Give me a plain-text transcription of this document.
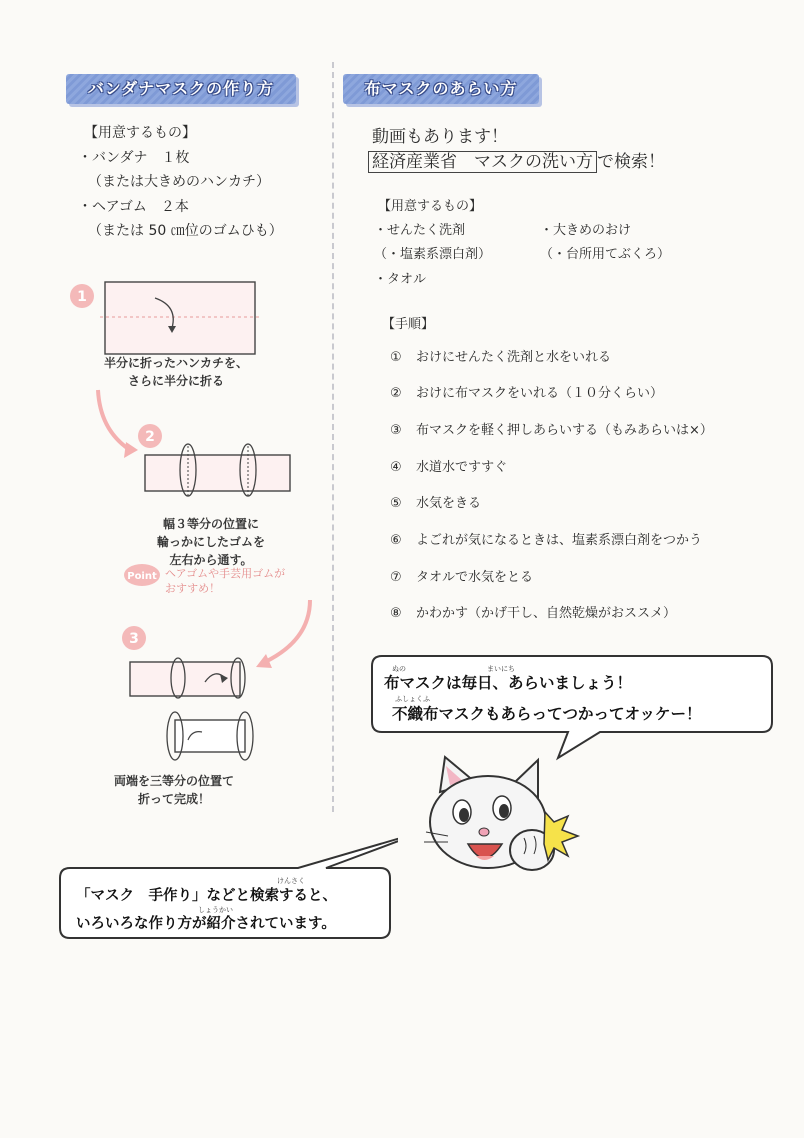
バンダナマスクの作り方
【用意するもの】
・バンダナ　１枚
（または大きめのハンカチ）
・ヘアゴム　２本
（または 50 ㎝位のゴムひも）
1
2
Point
3
半分に折ったハンカチを、
さらに半分に折る
幅３等分の位置に
輪っかにしたゴムを
左右から通す。
ヘアゴムや手芸用ゴムが
おすすめ！
両端を三等分の位置て
折って完成！
布マスクのあらい方
動画もあります！
経済産業省　マスクの洗い方 で検索！
【用意するもの】
・せんたく洗剤
（・塩素系漂白剤）
・タオル
・大きめのおけ
（・台所用てぶくろ）
【手順】
① おけにせんたく洗剤と水をいれる
② おけに布マスクをいれる（１０分くらい）
③ 布マスクを軽く押しあらいする（もみあらいは×）
④ 水道水ですすぐ
⑤ 水気をきる
⑥ よごれが気になるときは、塩素系漂白剤をつかう
⑦ タオルで水気をとる
⑧ かわかす（かげ干し、自然乾燥がおススメ）
ぬの	まいにち
布マスクは毎日、あらいましょう！
ふしょくふ
不織布マスクもあらってつかってオッケー！
けんさく
「マスク　手作り」などと検索すると、
しょうかい
いろいろな作り方が紹介されています。
